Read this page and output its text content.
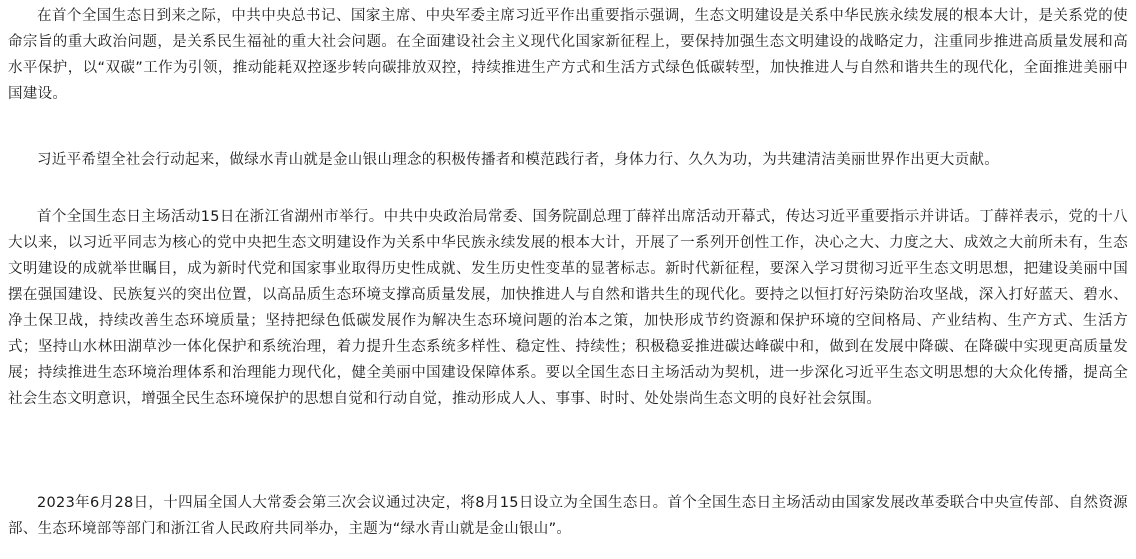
在首个全国生态日到来之际，中共中央总书记、国家主席、中央军委主席习近平作出重要指示强调，生态文明建设是关系中华民族永续发展的根本大计，是关系党的使命宗旨的重大政治问题，是关系民生福祉的重大社会问题。在全面建设社会主义现代化国家新征程上，要保持加强生态文明建设的战略定力，注重同步推进高质量发展和高水平保护，以“双碳”工作为引领，推动能耗双控逐步转向碳排放双控，持续推进生产方式和生活方式绿色低碳转型，加快推进人与自然和谐共生的现代化，全面推进美丽中国建设。

习近平希望全社会行动起来，做绿水青山就是金山银山理念的积极传播者和模范践行者，身体力行、久久为功，为共建清洁美丽世界作出更大贡献。

首个全国生态日主场活动15日在浙江省湖州市举行。中共中央政治局常委、国务院副总理丁薛祥出席活动开幕式，传达习近平重要指示并讲话。丁薛祥表示，党的十八大以来，以习近平同志为核心的党中央把生态文明建设作为关系中华民族永续发展的根本大计，开展了一系列开创性工作，决心之大、力度之大、成效之大前所未有，生态文明建设的成就举世瞩目，成为新时代党和国家事业取得历史性成就、发生历史性变革的显著标志。新时代新征程，要深入学习贯彻习近平生态文明思想，把建设美丽中国摆在强国建设、民族复兴的突出位置，以高品质生态环境支撑高质量发展，加快推进人与自然和谐共生的现代化。要持之以恒打好污染防治攻坚战，深入打好蓝天、碧水、净土保卫战，持续改善生态环境质量；坚持把绿色低碳发展作为解决生态环境问题的治本之策，加快形成节约资源和保护环境的空间格局、产业结构、生产方式、生活方式；坚持山水林田湖草沙一体化保护和系统治理，着力提升生态系统多样性、稳定性、持续性；积极稳妥推进碳达峰碳中和，做到在发展中降碳、在降碳中实现更高质量发展；持续推进生态环境治理体系和治理能力现代化，健全美丽中国建设保障体系。要以全国生态日主场活动为契机，进一步深化习近平生态文明思想的大众化传播，提高全社会生态文明意识，增强全民生态环境保护的思想自觉和行动自觉，推动形成人人、事事、时时、处处崇尚生态文明的良好社会氛围。

2023年6月28日，十四届全国人大常委会第三次会议通过决定，将8月15日设立为全国生态日。首个全国生态日主场活动由国家发展改革委联合中央宣传部、自然资源部、生态环境部等部门和浙江省人民政府共同举办，主题为“绿水青山就是金山银山”。
